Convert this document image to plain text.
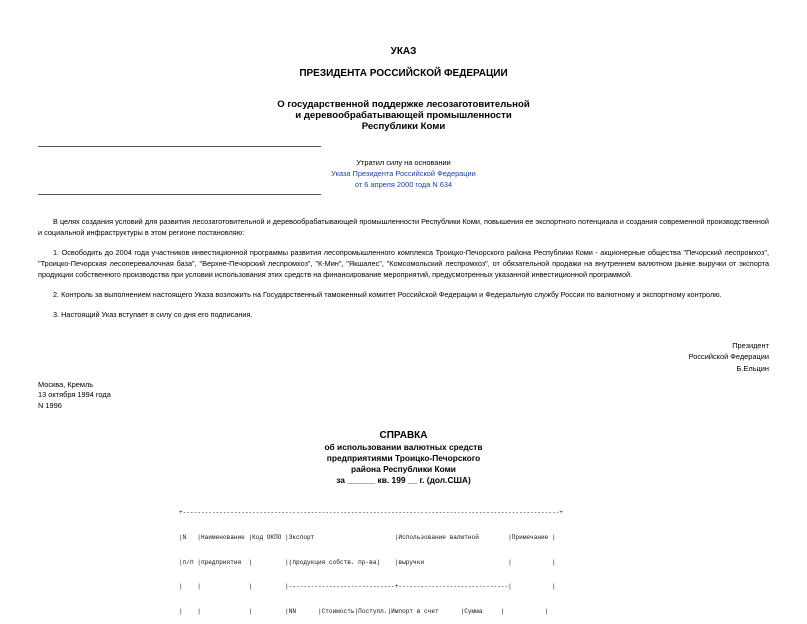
УКАЗ
ПРЕЗИДЕНТА РОССИЙСКОЙ ФЕДЕРАЦИИ
О государственной поддержке лесозаготовительной
и деревообрабатывающей промышленности
Республики Коми
Утратил силу на основании
Указа Президента Российской Федерации
от 6 апреля 2000 года N 634
В целях создания условий для развития лесозаготовительной и деревообрабатывающей промышленности Республики Коми, повышения ее экспортного потенциала и создания современной производственной и социальной инфраструктуры в этом регионе постановляю:
1. Освободить до 2004 года участников инвестиционной программы развития лесопромышленного комплекса Троицко-Печорского района Республики Коми - акционерные общества "Печорский леспромхоз", "Троицко-Печорская лесоперевалочная база", "Верхне-Печорский леспромхоз", "К-Мин", "Якшалес", "Комсомольский леспромхоз", от обязательной продажи на внутреннем валютном рынке выручки от экспорта продукции собственного производства при условии использования этих средств на финансирование мероприятий, предусмотренных указанной инвестиционной программой.
2. Контроль за выполнением настоящего Указа возложить на Государственный таможенный комитет Российской Федерации и Федеральную службу России по валютному и экспортному контролю.
3. Настоящий Указ вступает в силу со дня его подписания.
Президент
Российской Федерации
Б.Ельцин
Москва, Кремль
13 октября 1994 года
N 1996
СПРАВКА
об использовании валютных средств
предприятиями Троицко-Печорского
района Республики Коми
за ______ кв. 199 __ г. (дол.США)

+-------------------------------------------------------------------------------------------------------+

|N   |Наименование |Код ОКПО |Экспорт                      |Использование валютной        |Примечание |

|п/п |предприятия  |         |(продукция собств. пр-ва)    |выручки                       |           |

|    |             |         |-----------------------------+------------------------------|           |

|    |             |         |NN      |Стоимость|Поступл.|Импорт в счет      |Сумма     |           |
